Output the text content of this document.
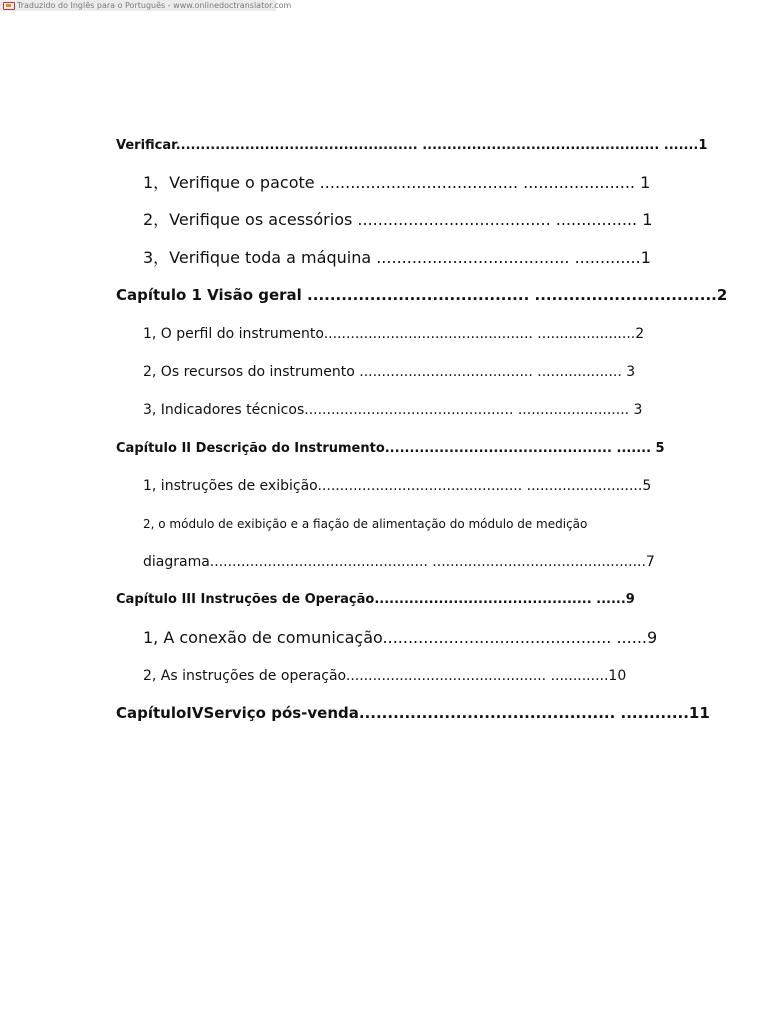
Traduzido do Inglês para o Português - www.onlinedoctranslator.com
Verificar................................................. ................................................ .......1
1，Verifique o pacote ....................................... ...................... 1
2，Verifique os acessórios ...................................... ................ 1
3，Verifique toda a máquina ...................................... .............1
Capítulo 1 Visão geral ....................................... ................................2
1, O perfil do instrumento............................................... ......................2
2, Os recursos do instrumento ....................................... ................... 3
3, Indicadores técnicos............................................... ......................... 3
Capítulo II Descrição do Instrumento.............................................. ....... 5
1, instruções de exibição.............................................. ..........................5
2, o módulo de exibição e a fiação de alimentação do módulo de medição
diagrama................................................. ................................................7
Capítulo III Instruções de Operação............................................ ......9
1, A conexão de comunicação............................................. ......9
2, As instruções de operação............................................. .............10
CapítuloIVServiço pós-venda............................................. ............11
